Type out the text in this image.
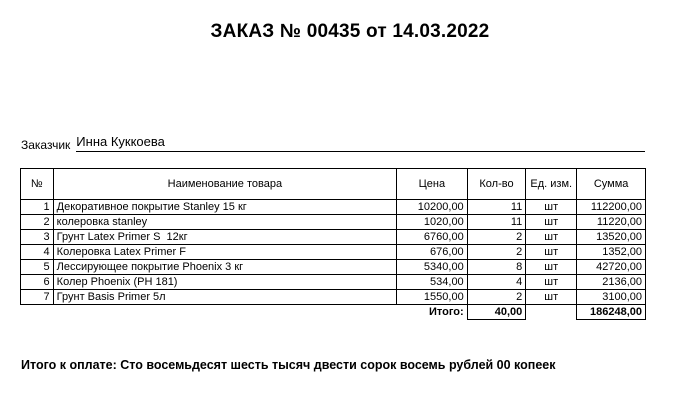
ЗАКАЗ № 00435 от 14.03.2022
Заказчик Инна Куккоева
№	Наименование товара	Цена	Кол-во	Ед. изм.	Сумма
1	Декоративное покрытие Stanley 15 кг	10200,00	11	шт	112200,00
2	колеровка stanley	1020,00	11	шт	11220,00
3	Грунт Latex Primer S  12кг	6760,00	2	шт	13520,00
4	Колеровка Latex Primer F	676,00	2	шт	1352,00
5	Лессирующее покрытие Phoenix 3 кг	5340,00	8	шт	42720,00
6	Колер Phoenix (PH 181)	534,00	4	шт	2136,00
7	Грунт Basis Primer 5л	1550,00	2	шт	3100,00
		Итого:	40,00		186248,00
Итого к оплате: Сто восемьдесят шесть тысяч двести сорок восемь рублей 00 копеек
